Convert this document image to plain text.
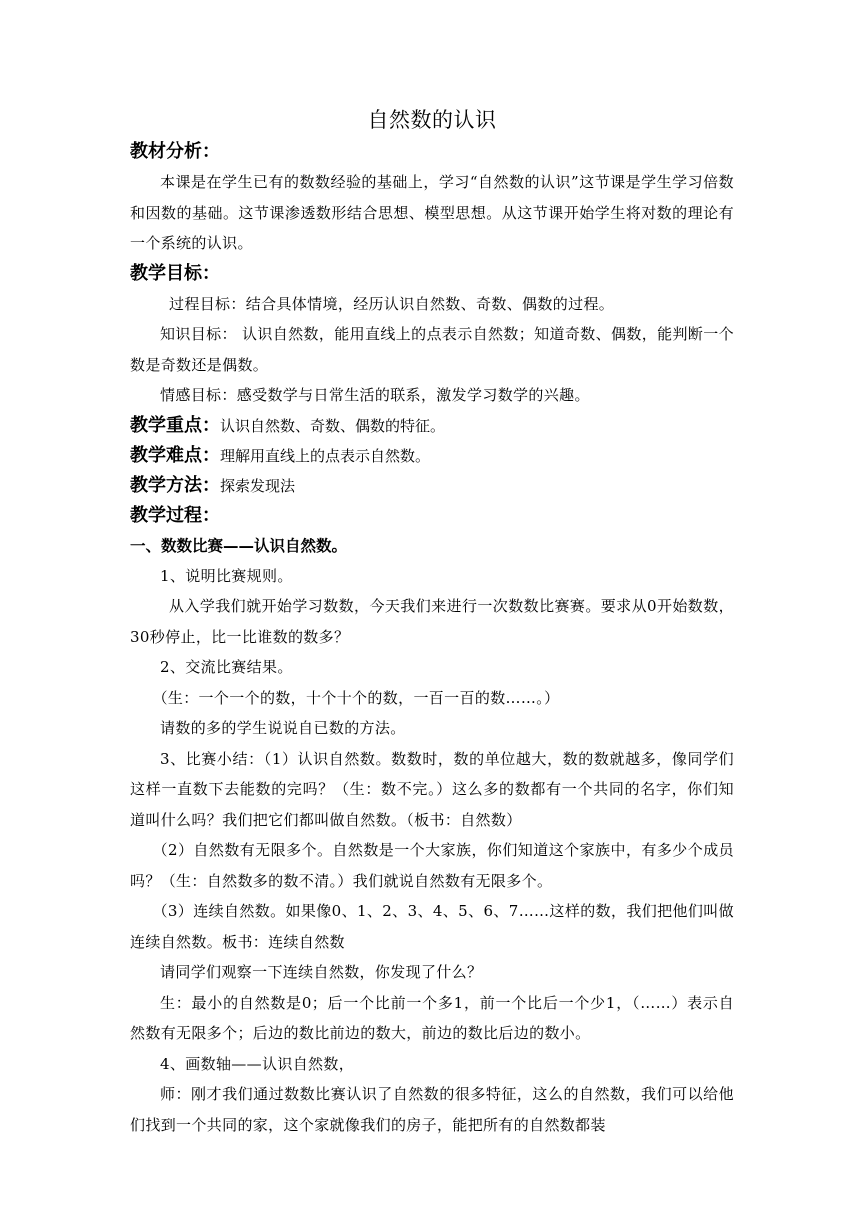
自然数的认识
教材分析：

本课是在学生已有的数数经验的基础上，学习“自然数的认识”这节课是学生学习倍数和因数的基础。这节课渗透数形结合思想、模型思想。从这节课开始学生将对数的理论有一个系统的认识。

教学目标：

过程目标：结合具体情境，经历认识自然数、奇数、偶数的过程。

知识目标： 认识自然数，能用直线上的点表示自然数；知道奇数、偶数，能判断一个数是奇数还是偶数。

情感目标：感受数学与日常生活的联系，激发学习数学的兴趣。

教学重点：认识自然数、奇数、偶数的特征。
教学难点：理解用直线上的点表示自然数。
教学方法：探索发现法
教学过程：
一、数数比赛——认识自然数。

1、说明比赛规则。

从入学我们就开始学习数数，今天我们来进行一次数数比赛赛。要求从0开始数数，30秒停止，比一比谁数的数多？

2、交流比赛结果。

（生：一个一个的数，十个十个的数，一百一百的数……。）

请数的多的学生说说自已数的方法。

3、比赛小结：（1）认识自然数。数数时，数的单位越大，数的数就越多，像同学们这样一直数下去能数的完吗？（生：数不完。）这么多的数都有一个共同的名字，你们知道叫什么吗？我们把它们都叫做自然数。（板书：自然数）

（2）自然数有无限多个。自然数是一个大家族，你们知道这个家族中，有多少个成员吗？（生：自然数多的数不清。）我们就说自然数有无限多个。

（3）连续自然数。如果像0、1、2、3、4、5、6、7……这样的数，我们把他们叫做连续自然数。板书：连续自然数

请同学们观察一下连续自然数，你发现了什么？

生：最小的自然数是0；后一个比前一个多1，前一个比后一个少1，（……）表示自然数有无限多个；后边的数比前边的数大，前边的数比后边的数小。

4、画数轴——认识自然数，

师：刚才我们通过数数比赛认识了自然数的很多特征，这么的自然数，我们可以给他们找到一个共同的家，这个家就像我们的房子，能把所有的自然数都装
